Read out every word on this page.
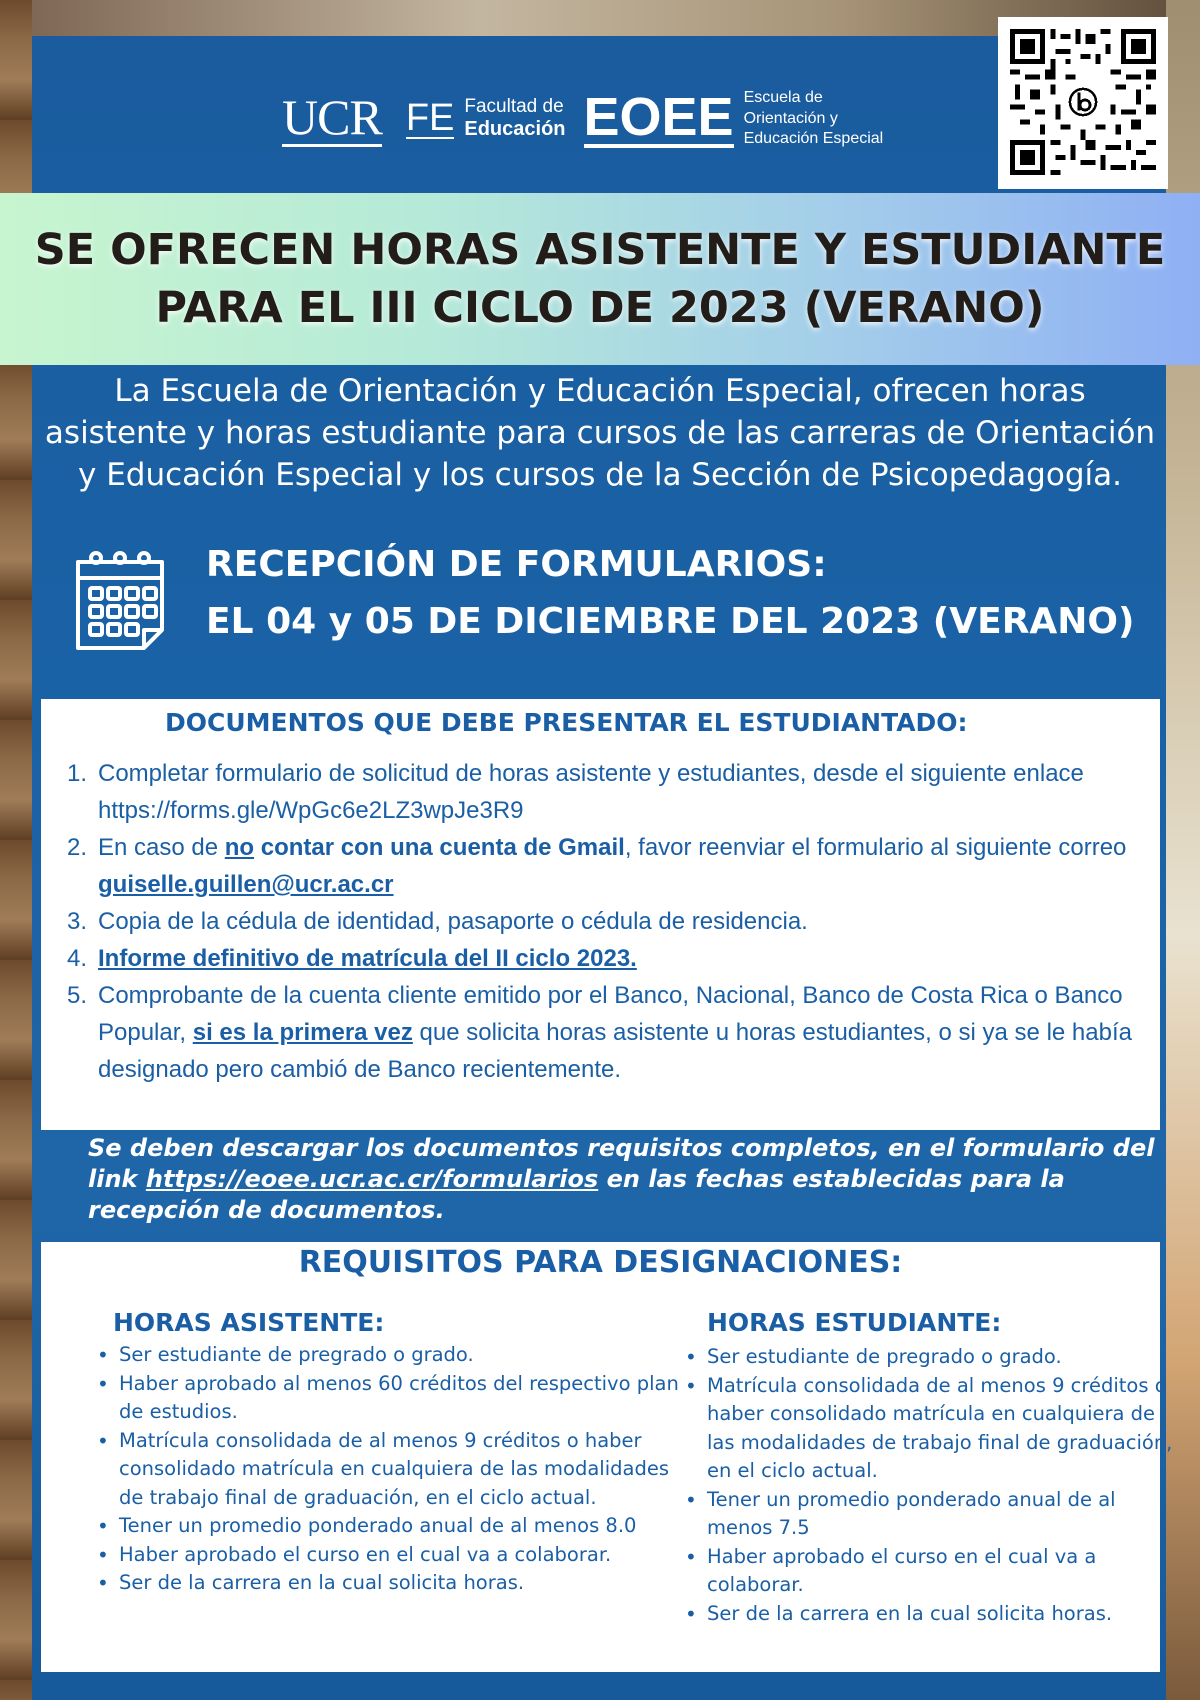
UCR FE Facultad de
Educación EOEE Escuela de
Orientación y
Educación Especial
SE OFRECEN HORAS ASISTENTE Y ESTUDIANTE
PARA EL III CICLO DE 2023 (VERANO)

La Escuela de Orientación y Educación Especial, ofrecen horas asistente y horas estudiante para cursos de las carreras de Orientación y Educación Especial y los cursos de la Sección de Psicopedagogía.

RECEPCIÓN DE FORMULARIOS:
EL 04 y 05 DE DICIEMBRE DEL 2023 (VERANO)
DOCUMENTOS QUE DEBE PRESENTAR EL ESTUDIANTADO:
1. Completar formulario de solicitud de horas asistente y estudiantes, desde el siguiente enlace https://forms.gle/WpGc6e2LZ3wpJe3R9
2. En caso de no contar con una cuenta de Gmail, favor reenviar el formulario al siguiente correo guiselle.guillen@ucr.ac.cr
3. Copia de la cédula de identidad, pasaporte o cédula de residencia.
4. Informe definitivo de matrícula del II ciclo 2023.
5. Comprobante de la cuenta cliente emitido por el Banco, Nacional, Banco de Costa Rica o Banco Popular, si es la primera vez que solicita horas asistente u horas estudiantes, o si ya se le había designado pero cambió de Banco recientemente.

Se deben descargar los documentos requisitos completos, en el formulario del link https://eoee.ucr.ac.cr/formularios en las fechas establecidas para la recepción de documentos.

REQUISITOS PARA DESIGNACIONES:
HORAS ASISTENTE:
• Ser estudiante de pregrado o grado.
• Haber aprobado al menos 60 créditos del respectivo plan de estudios.
• Matrícula consolidada de al menos 9 créditos o haber consolidado matrícula en cualquiera de las modalidades de trabajo final de graduación, en el ciclo actual.
• Tener un promedio ponderado anual de al menos 8.0
• Haber aprobado el curso en el cual va a colaborar.
• Ser de la carrera en la cual solicita horas.
HORAS ESTUDIANTE:
• Ser estudiante de pregrado o grado.
• Matrícula consolidada de al menos 9 créditos o haber consolidado matrícula en cualquiera de las modalidades de trabajo final de graduación, en el ciclo actual.
• Tener un promedio ponderado anual de al menos 7.5
• Haber aprobado el curso en el cual va a colaborar.
• Ser de la carrera en la cual solicita horas.
